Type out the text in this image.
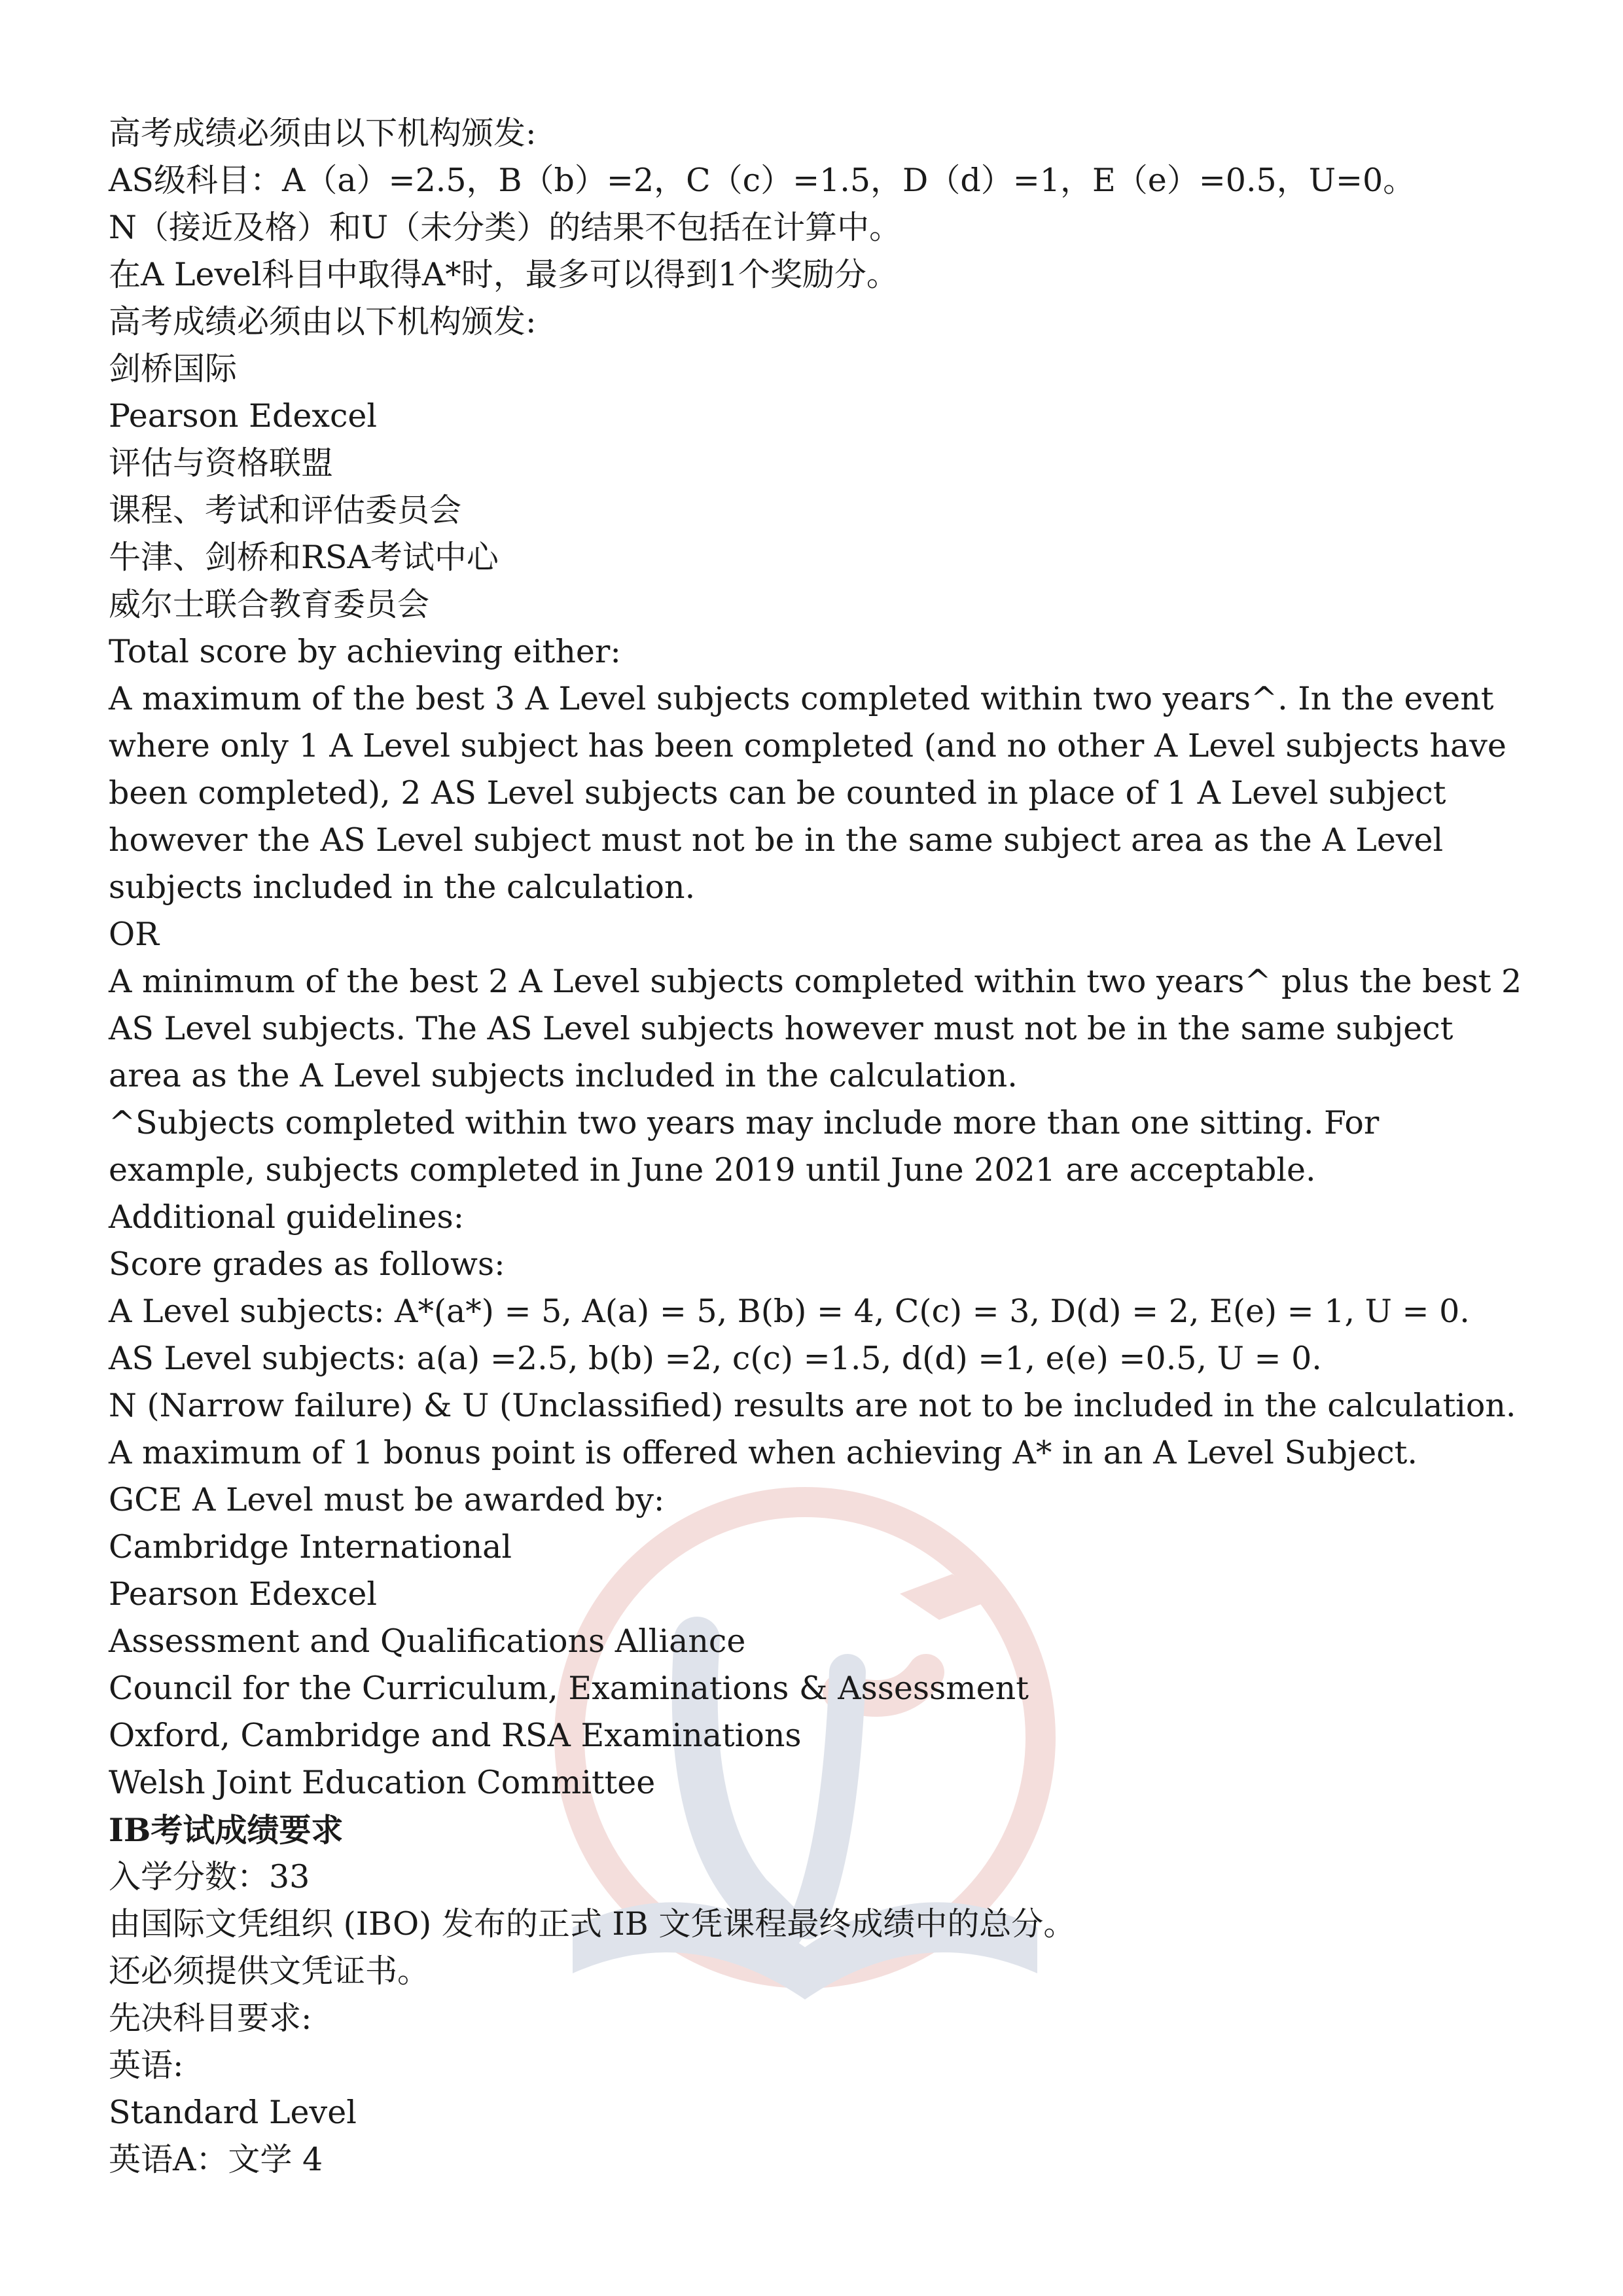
高考成绩必须由以下机构颁发:

AS级科目：A（a）=2.5，B（b）=2，C（c）=1.5，D（d）=1，E（e）=0.5，U=0。

N（接近及格）和U（未分类）的结果不包括在计算中。

在A Level科目中取得A*时，最多可以得到1个奖励分。

高考成绩必须由以下机构颁发:

剑桥国际

Pearson Edexcel

评估与资格联盟

课程、考试和评估委员会

牛津、剑桥和RSA考试中心

威尔士联合教育委员会

Total score by achieving either:

A maximum of the best 3 A Level subjects completed within two years^. In the event where only 1 A Level subject has been completed (and no other A Level subjects have been completed), 2 AS Level subjects can be counted in place of 1 A Level subject however the AS Level subject must not be in the same subject area as the A Level subjects included in the calculation.

OR

A minimum of the best 2 A Level subjects completed within two years^ plus the best 2 AS Level subjects. The AS Level subjects however must not be in the same subject area as the A Level subjects included in the calculation.

^Subjects completed within two years may include more than one sitting. For example, subjects completed in June 2019 until June 2021 are acceptable.

Additional guidelines:

Score grades as follows:

A Level subjects: A*(a*) = 5, A(a) = 5, B(b) = 4, C(c) = 3, D(d) = 2, E(e) = 1, U = 0.

AS Level subjects: a(a) =2.5, b(b) =2, c(c) =1.5, d(d) =1, e(e) =0.5, U = 0.

N (Narrow failure) & U (Unclassified) results are not to be included in the calculation.

A maximum of 1 bonus point is offered when achieving A* in an A Level Subject.

GCE A Level must be awarded by:

Cambridge International

Pearson Edexcel

Assessment and Qualifications Alliance

Council for the Curriculum, Examinations & Assessment

Oxford, Cambridge and RSA Examinations

Welsh Joint Education Committee

IB考试成绩要求

入学分数：33

由国际文凭组织 (IBO) 发布的正式 IB 文凭课程最终成绩中的总分。

还必须提供文凭证书。

先决科目要求:

英语:

Standard Level

英语A：文学 4
